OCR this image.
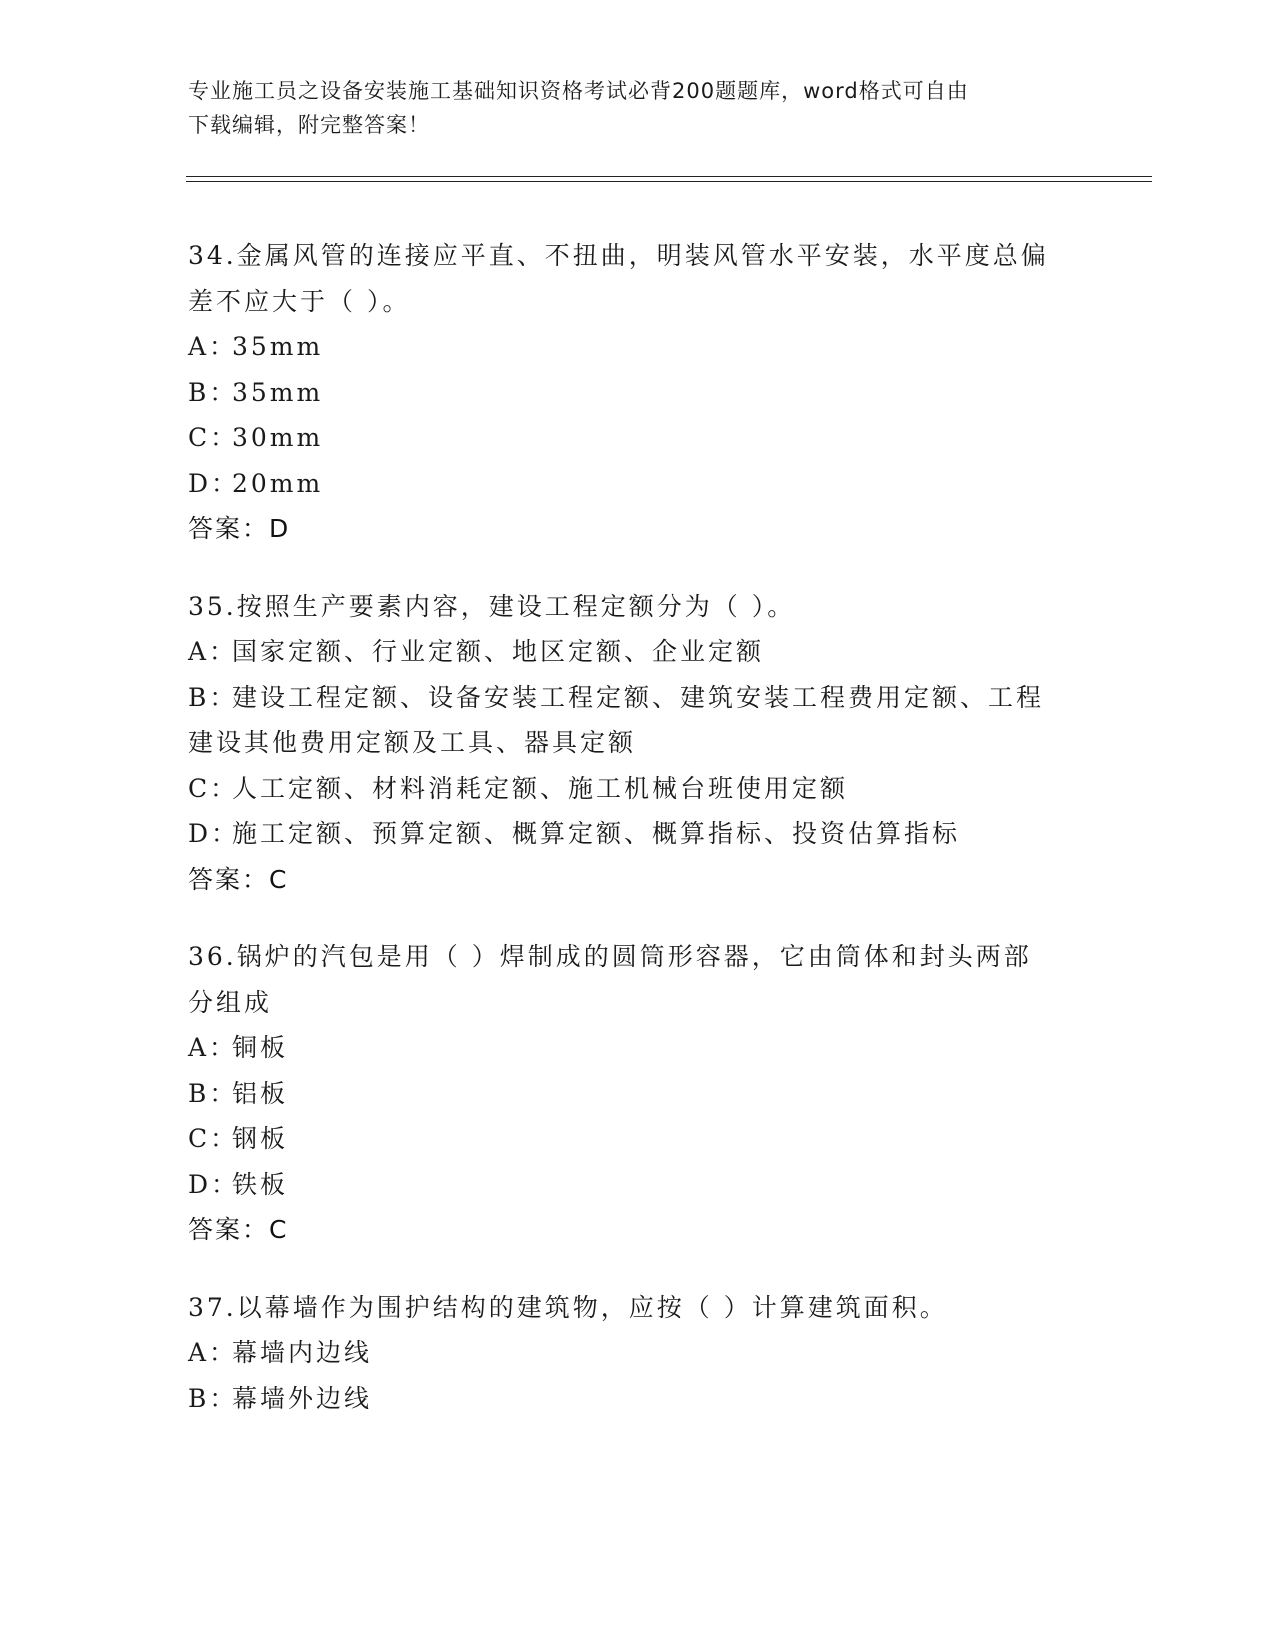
专业施工员之设备安装施工基础知识资格考试必背200题题库，word格式可自由
下载编辑，附完整答案！
34.金属风管的连接应平直、不扭曲，明装风管水平安装，水平度总偏
差不应大于（ ）。
A：35mm
B：35mm
C：30mm
D：20mm
答案：D
35.按照生产要素内容，建设工程定额分为（ ）。
A：国家定额、行业定额、地区定额、企业定额
B：建设工程定额、设备安装工程定额、建筑安装工程费用定额、工程
建设其他费用定额及工具、器具定额
C：人工定额、材料消耗定额、施工机械台班使用定额
D：施工定额、预算定额、概算定额、概算指标、投资估算指标
答案：C
36.锅炉的汽包是用（ ）焊制成的圆筒形容器，它由筒体和封头两部
分组成
A：铜板
B：铝板
C：钢板
D：铁板
答案：C
37.以幕墙作为围护结构的建筑物，应按（ ）计算建筑面积。
A：幕墙内边线
B：幕墙外边线
